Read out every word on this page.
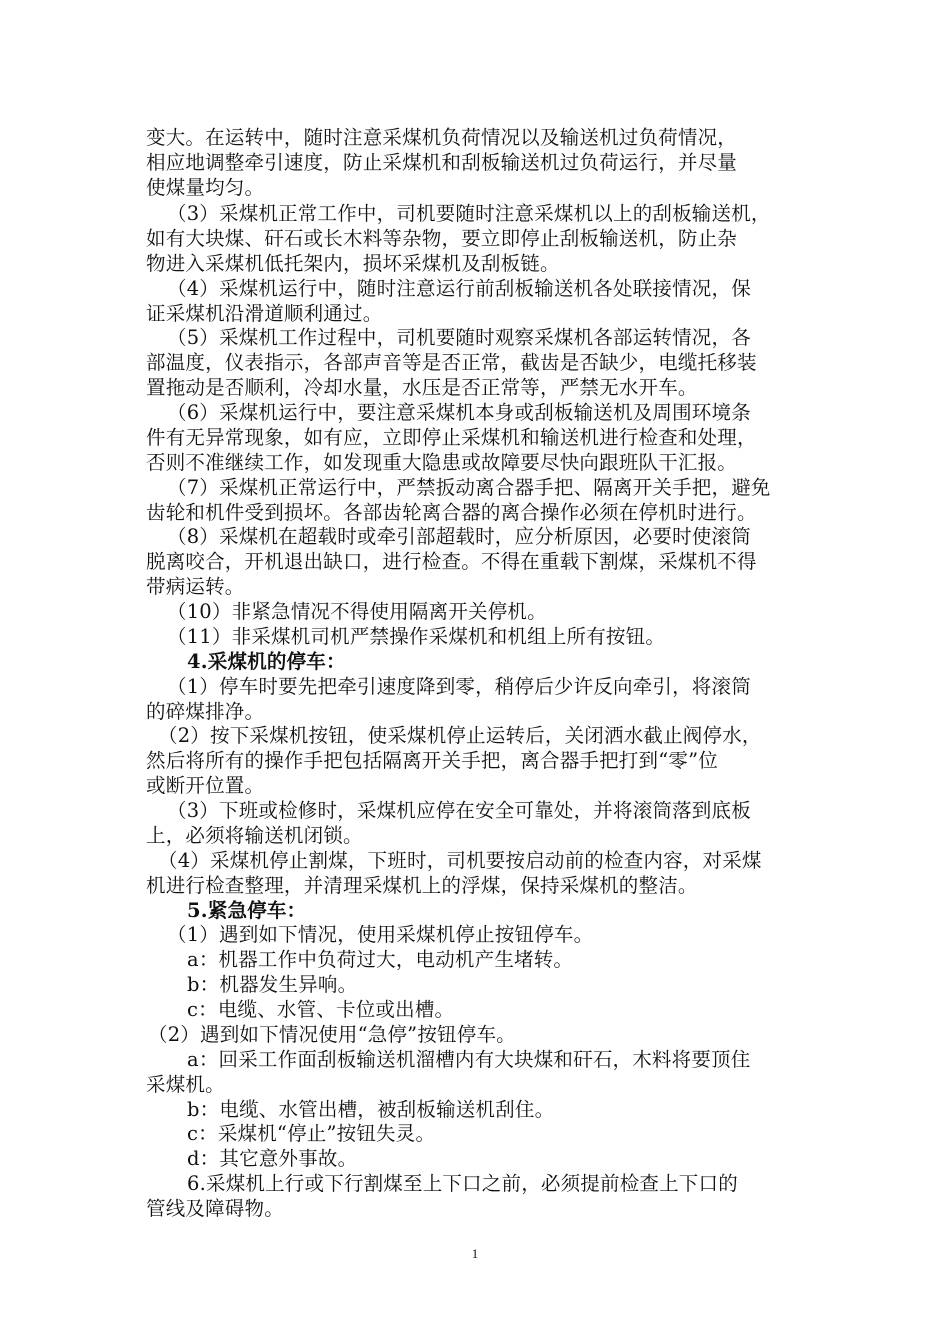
变大。在运转中，随时注意采煤机负荷情况以及输送机过负荷情况，
相应地调整牵引速度，防止采煤机和刮板输送机过负荷运行，并尽量
使煤量均匀。
（3）采煤机正常工作中，司机要随时注意采煤机以上的刮板输送机，
如有大块煤、矸石或长木料等杂物，要立即停止刮板输送机，防止杂
物进入采煤机低托架内，损坏采煤机及刮板链。
（4）采煤机运行中，随时注意运行前刮板输送机各处联接情况，保
证采煤机沿滑道顺利通过。
（5）采煤机工作过程中，司机要随时观察采煤机各部运转情况，各
部温度，仪表指示，各部声音等是否正常，截齿是否缺少，电缆托移装
置拖动是否顺利，冷却水量，水压是否正常等，严禁无水开车。
（6）采煤机运行中，要注意采煤机本身或刮板输送机及周围环境条
件有无异常现象，如有应，立即停止采煤机和输送机进行检查和处理，
否则不准继续工作，如发现重大隐患或故障要尽快向跟班队干汇报。
（7）采煤机正常运行中，严禁扳动离合器手把、隔离开关手把，避免
齿轮和机件受到损坏。各部齿轮离合器的离合操作必须在停机时进行。
（8）采煤机在超载时或牵引部超载时，应分析原因，必要时使滚筒
脱离咬合，开机退出缺口，进行检查。不得在重载下割煤，采煤机不得
带病运转。
（10）非紧急情况不得使用隔离开关停机。
（11）非采煤机司机严禁操作采煤机和机组上所有按钮。
4.采煤机的停车：
（1）停车时要先把牵引速度降到零，稍停后少许反向牵引，将滚筒
的碎煤排净。
（2）按下采煤机按钮，使采煤机停止运转后，关闭洒水截止阀停水，
然后将所有的操作手把包括隔离开关手把，离合器手把打到“零”位
或断开位置。
（3）下班或检修时，采煤机应停在安全可靠处，并将滚筒落到底板
上，必须将输送机闭锁。
（4）采煤机停止割煤，下班时，司机要按启动前的检查内容，对采煤
机进行检查整理，并清理采煤机上的浮煤，保持采煤机的整洁。
5.紧急停车：
（1）遇到如下情况，使用采煤机停止按钮停车。
a：机器工作中负荷过大，电动机产生堵转。
b：机器发生异响。
c：电缆、水管、卡位或出槽。
（2）遇到如下情况使用“急停”按钮停车。
a：回采工作面刮板输送机溜槽内有大块煤和矸石，木料将要顶住
采煤机。
b：电缆、水管出槽，被刮板输送机刮住。
c：采煤机“停止”按钮失灵。
d：其它意外事故。
6.采煤机上行或下行割煤至上下口之前，必须提前检查上下口的
管线及障碍物。
1
